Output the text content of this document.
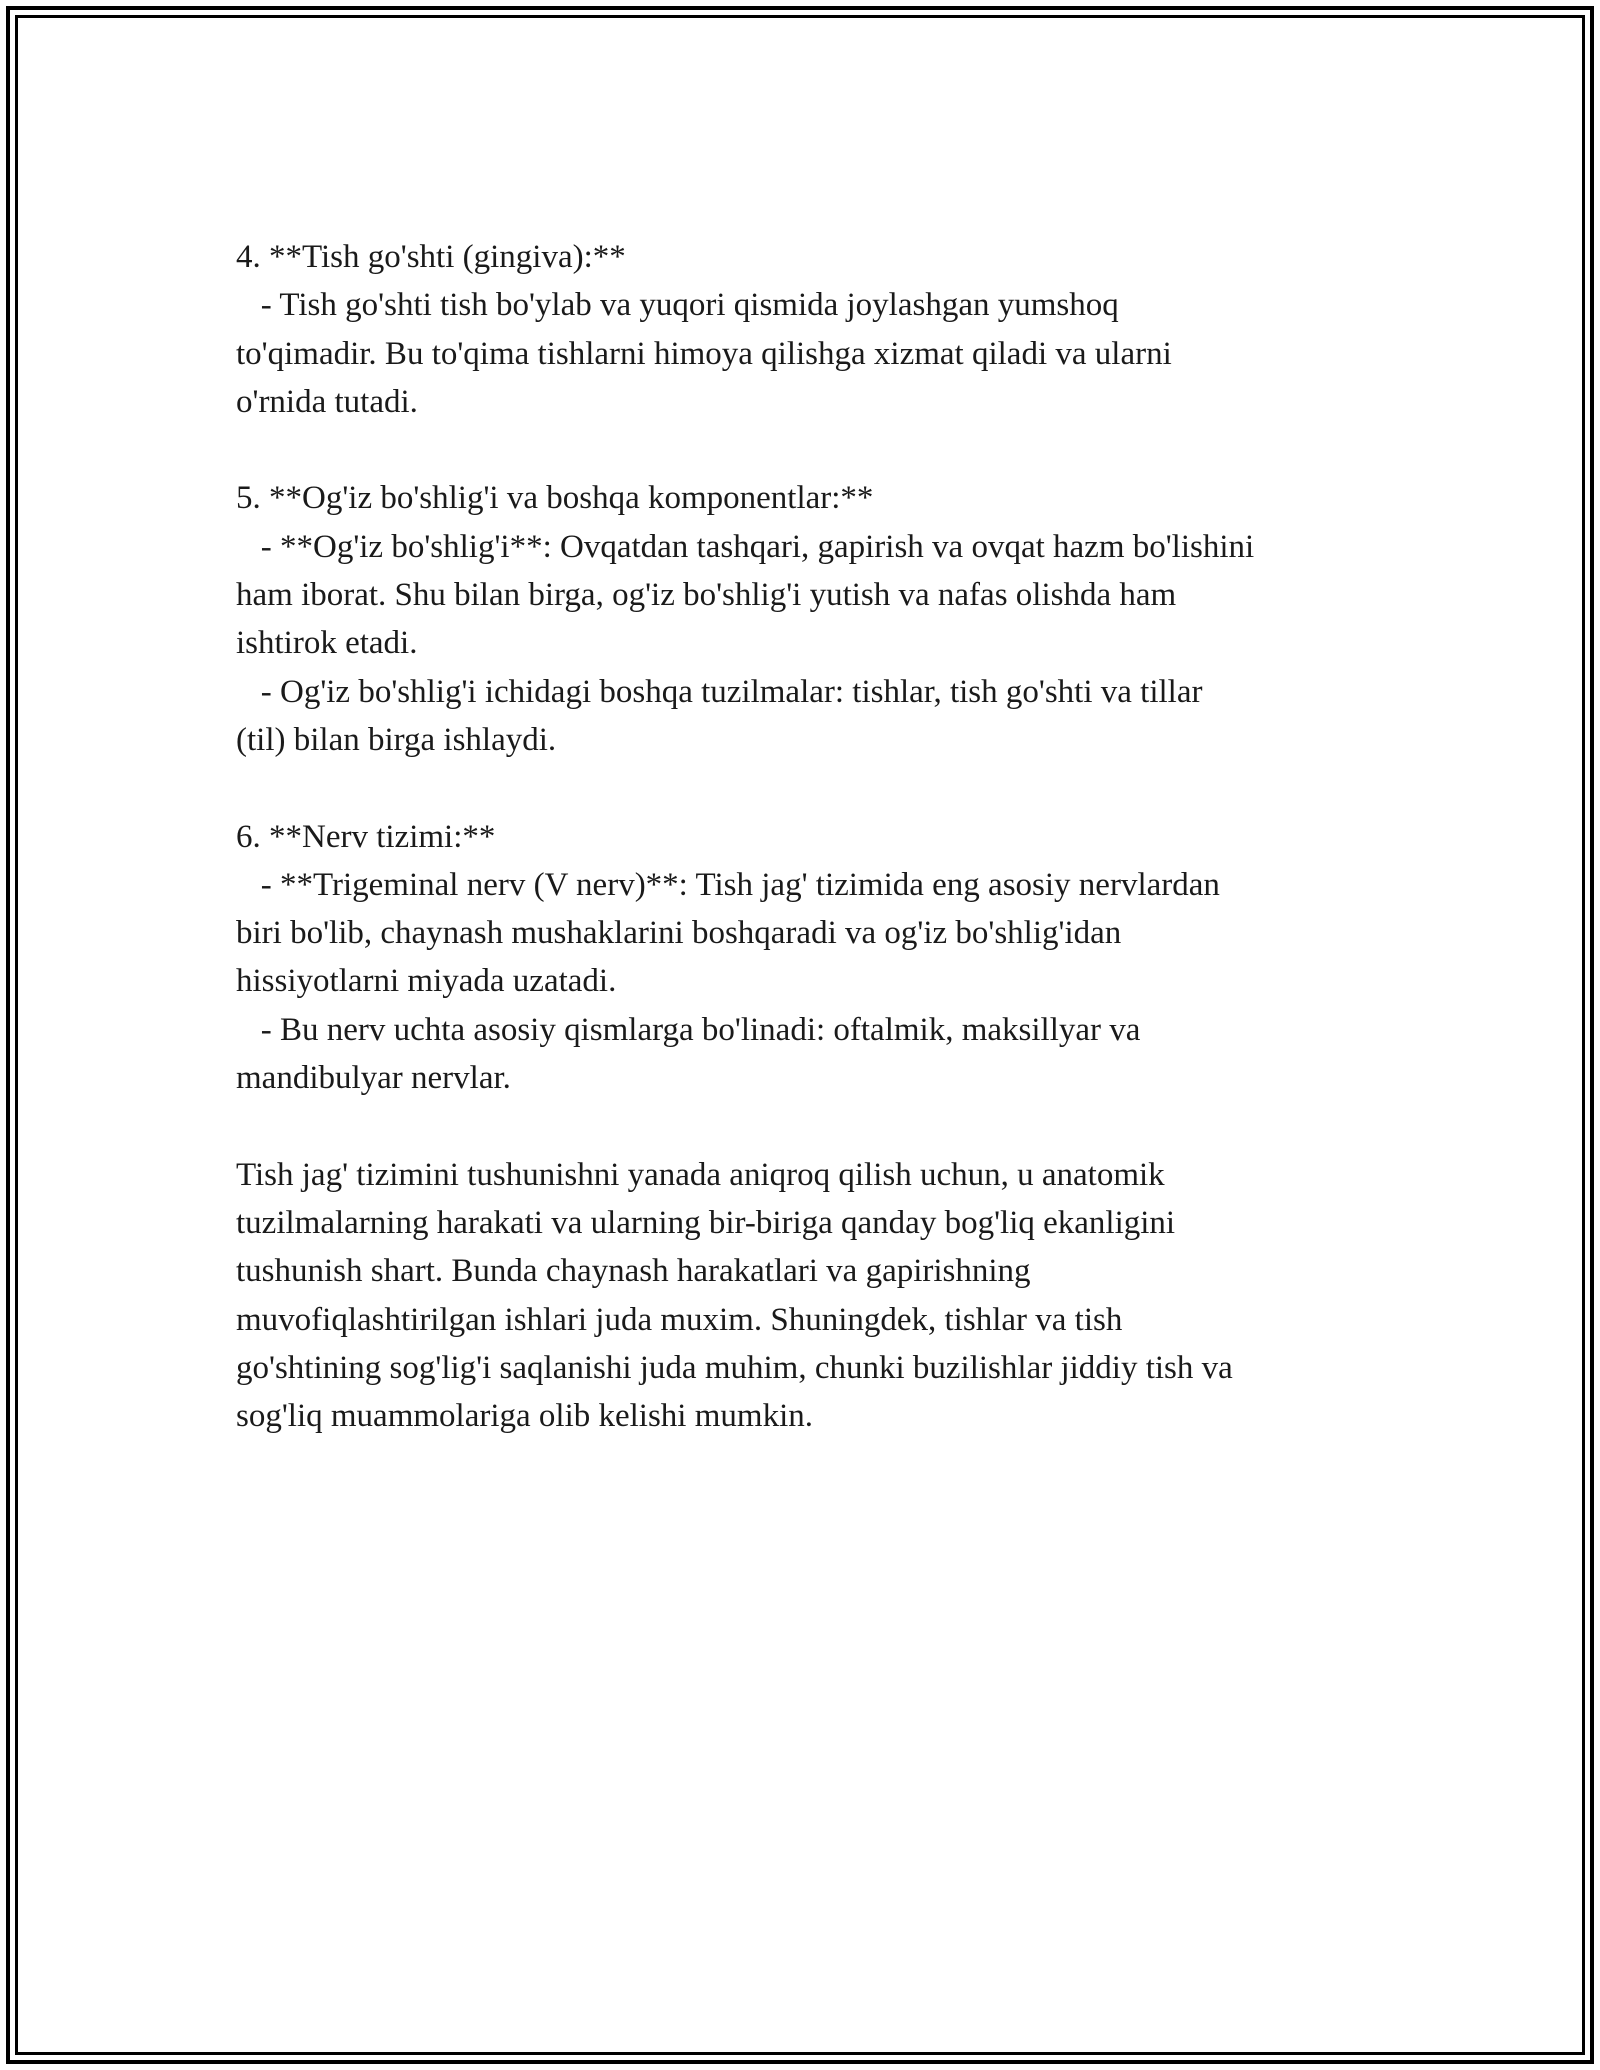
4. **Tish go'shti (gingiva):**
- Tish go'shti tish bo'ylab va yuqori qismida joylashgan yumshoq
to'qimadir. Bu to'qima tishlarni himoya qilishga xizmat qiladi va ularni
o'rnida tutadi.
5. **Og'iz bo'shlig'i va boshqa komponentlar:**
- **Og'iz bo'shlig'i**: Ovqatdan tashqari, gapirish va ovqat hazm bo'lishini
ham iborat. Shu bilan birga, og'iz bo'shlig'i yutish va nafas olishda ham
ishtirok etadi.
- Og'iz bo'shlig'i ichidagi boshqa tuzilmalar: tishlar, tish go'shti va tillar
(til) bilan birga ishlaydi.
6. **Nerv tizimi:**
- **Trigeminal nerv (V nerv)**: Tish jag' tizimida eng asosiy nervlardan
biri bo'lib, chaynash mushaklarini boshqaradi va og'iz bo'shlig'idan
hissiyotlarni miyada uzatadi.
- Bu nerv uchta asosiy qismlarga bo'linadi: oftalmik, maksillyar va
mandibulyar nervlar.
Tish jag' tizimini tushunishni yanada aniqroq qilish uchun, u anatomik
tuzilmalarning harakati va ularning bir-biriga qanday bog'liq ekanligini
tushunish shart. Bunda chaynash harakatlari va gapirishning
muvofiqlashtirilgan ishlari juda muxim. Shuningdek, tishlar va tish
go'shtining sog'lig'i saqlanishi juda muhim, chunki buzilishlar jiddiy tish va
sog'liq muammolariga olib kelishi mumkin.
